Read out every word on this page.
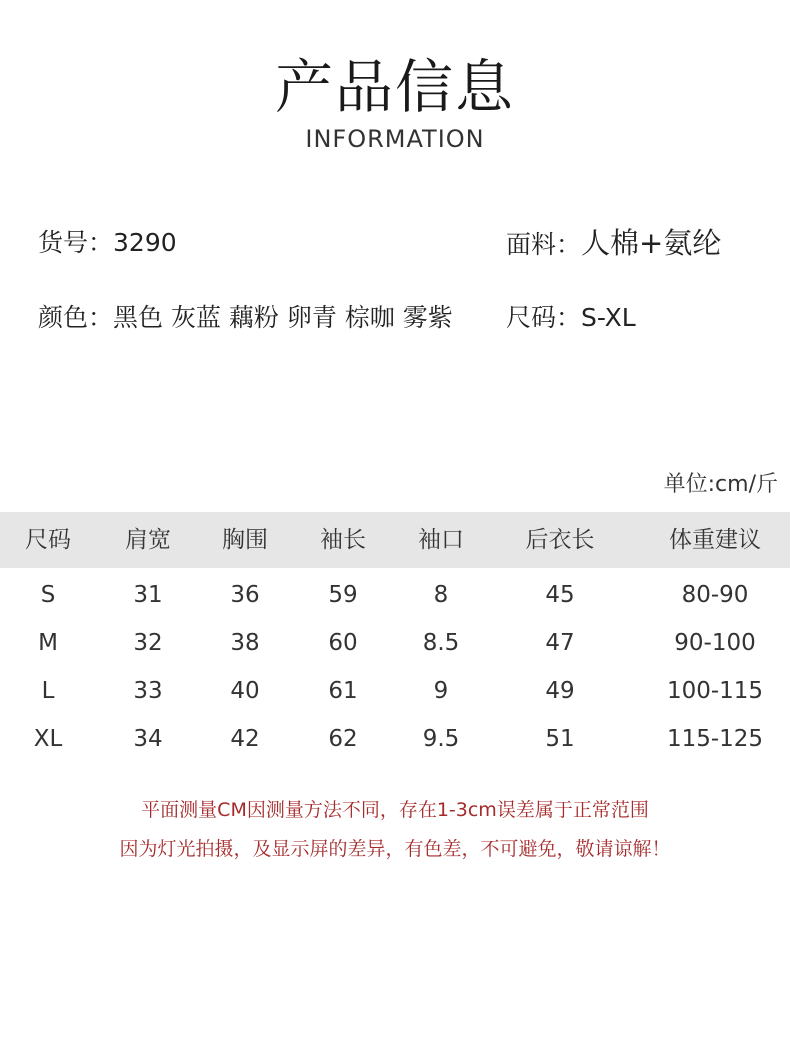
产品信息
INFORMATION
货号：3290	面料：人棉+氨纶
颜色：黑色 灰蓝 藕粉 卵青 棕咖 雾紫 尺码：S-XL
单位:cm/斤
尺码	肩宽	胸围	袖长	袖口	后衣长	体重建议
S	31	36	59	8	45	80-90
M	32	38	60	8.5	47	90-100
L	33	40	61	9	49	100-115
XL	34	42	62	9.5	51	115-125
平面测量CM因测量方法不同，存在1-3cm误差属于正常范围
因为灯光拍摄，及显示屏的差异，有色差，不可避免，敬请谅解！
